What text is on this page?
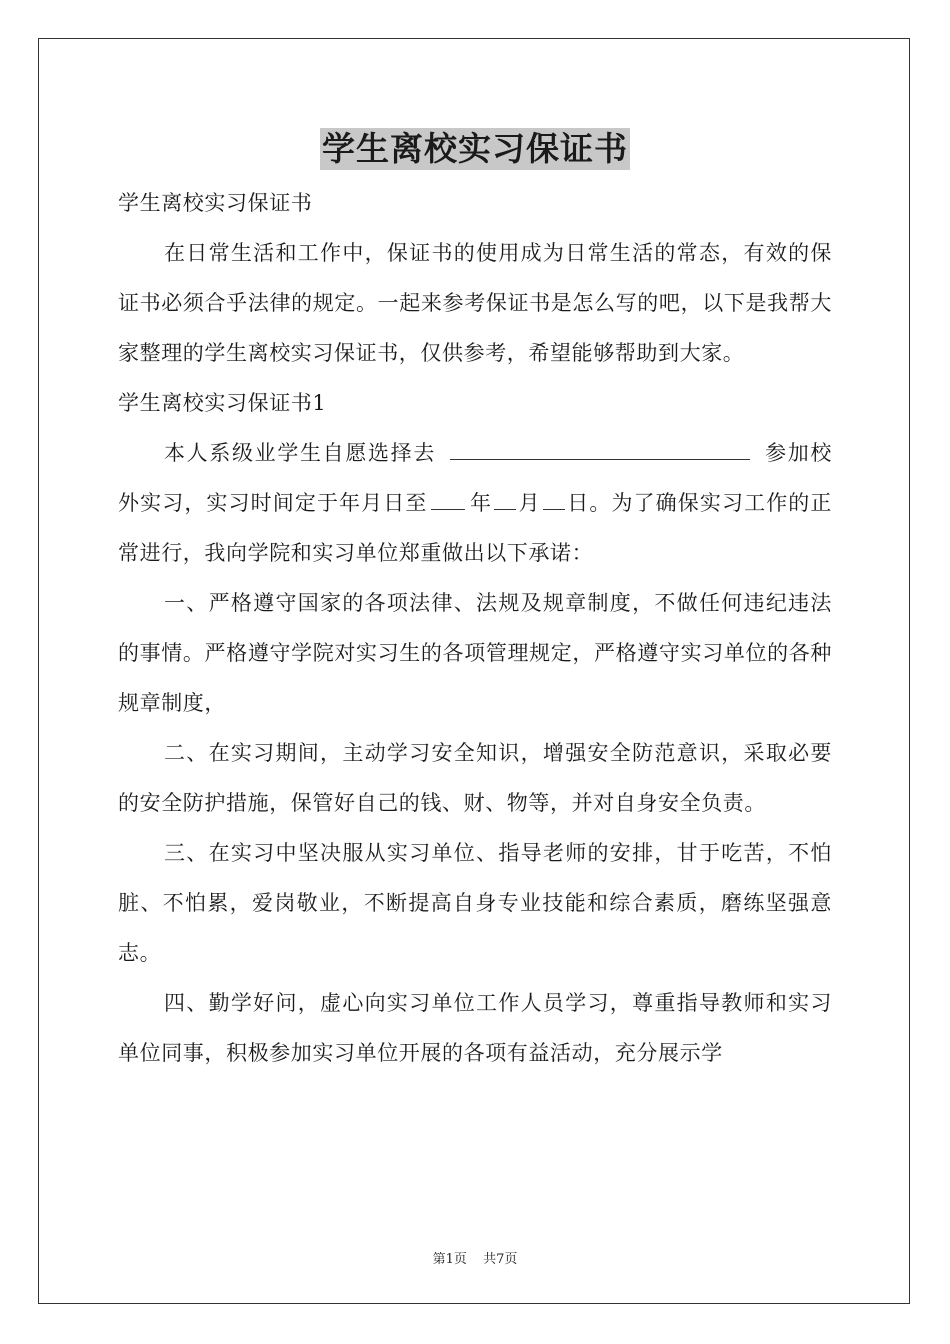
学生离校实习保证书

学生离校实习保证书

在日常生活和工作中，保证书的使用成为日常生活的常态，有效的保证书必须合乎法律的规定。一起来参考保证书是怎么写的吧，以下是我帮大家整理的学生离校实习保证书，仅供参考，希望能够帮助到大家。

学生离校实习保证书1

本人系级业学生自愿选择去	参加校外实习，实习时间定于年月日至 年 月 日。为了确保实习工作的正常进行，我向学院和实习单位郑重做出以下承诺：

一、严格遵守国家的各项法律、法规及规章制度，不做任何违纪违法的事情。严格遵守学院对实习生的各项管理规定，严格遵守实习单位的各种规章制度，

二、在实习期间，主动学习安全知识，增强安全防范意识，采取必要的安全防护措施，保管好自己的钱、财、物等，并对自身安全负责。

三、在实习中坚决服从实习单位、指导老师的安排，甘于吃苦，不怕脏、不怕累，爱岗敬业，不断提高自身专业技能和综合素质，磨练坚强意志。

四、勤学好问，虚心向实习单位工作人员学习，尊重指导教师和实习单位同事，积极参加实习单位开展的各项有益活动，充分展示学

第1页 共7页
